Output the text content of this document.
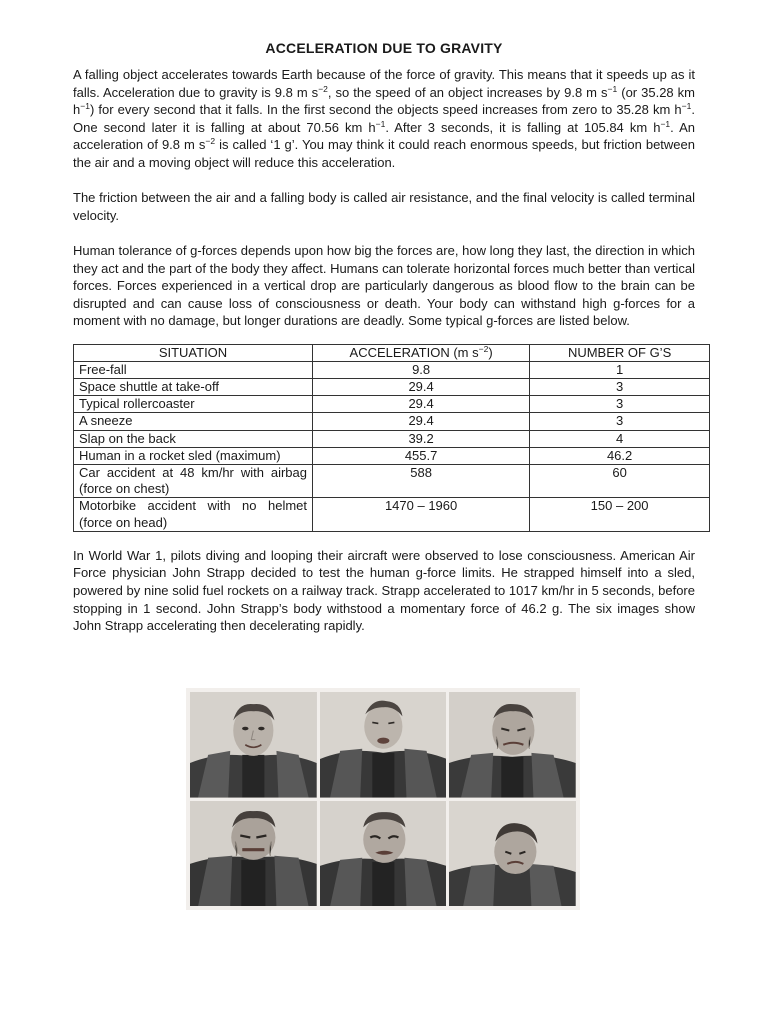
ACCELERATION DUE TO GRAVITY

A falling object accelerates towards Earth because of the force of gravity. This means that it speeds up as it falls. Acceleration due to gravity is 9.8 m $s^{-2}$, so the speed of an object increases by 9.8 m $s^{-1}$ (or 35.28 km $h^{-1}$) for every second that it falls. In the first second the objects speed increases from zero to 35.28 km $h^{-1}$. One second later it is falling at about 70.56 km $h^{-1}$. After 3 seconds, it is falling at 105.84 km $h^{-1}$. An acceleration of 9.8 m $s^{-2}$ is called ‘1 g’. You may think it could reach enormous speeds, but friction between the air and a moving object will reduce this acceleration.

The friction between the air and a falling body is called air resistance, and the final velocity is called terminal velocity.

Human tolerance of g-forces depends upon how big the forces are, how long they last, the direction in which they act and the part of the body they affect. Humans can tolerate horizontal forces much better than vertical forces. Forces experienced in a vertical drop are particularly dangerous as blood flow to the brain can be disrupted and can cause loss of consciousness or death. Your body can withstand high g-forces for a moment with no damage, but longer durations are deadly. Some typical g-forces are listed below.

SITUATION	ACCELERATION (m $s^{-2}$)	NUMBER OF G’S
Free-fall	9.8	1
Space shuttle at take-off	29.4	3
Typical rollercoaster	29.4	3
A sneeze	29.4	3
Slap on the back	39.2	4
Human in a rocket sled (maximum)	455.7	46.2
Car accident at 48 km/hr with airbag (force on chest)	588	60
Motorbike accident with no helmet (force on head)	1470 – 1960	150 – 200

In World War 1, pilots diving and looping their aircraft were observed to lose consciousness. American Air Force physician John Strapp decided to test the human g-force limits. He strapped himself into a sled, powered by nine solid fuel rockets on a railway track. Strapp accelerated to 1017 km/hr in 5 seconds, before stopping in 1 second. John Strapp’s body withstood a momentary force of 46.2 g. The six images show John Strapp accelerating then decelerating rapidly.
